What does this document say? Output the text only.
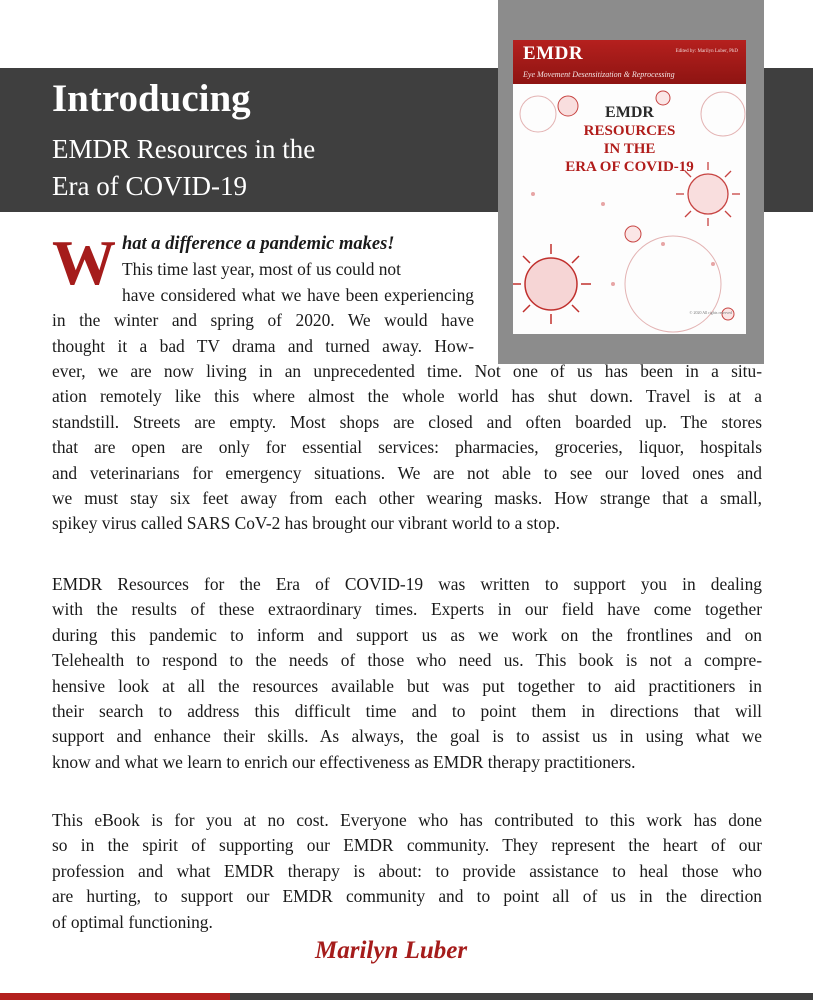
Introducing
EMDR Resources in the
Era of COVID-19
EMDR	Edited by: Marilyn Luber, PhD
Eye Movement Desensitization & Reprocessing
EMDR
RESOURCES
IN THE
ERA OF COVID-19
© 2020 All rights reserved
W hat a difference a pandemic makes!
This time last year, most of us could not
have considered what we have been experiencing
in the winter and spring of 2020. We would have
thought it a bad TV drama and turned away. How-
ever, we are now living in an unprecedented time. Not one of us has been in a situ-
ation remotely like this where almost the whole world has shut down. Travel is at a
standstill. Streets are empty. Most shops are closed and often boarded up. The stores
that are open are only for essential services: pharmacies, groceries, liquor, hospitals
and veterinarians for emergency situations. We are not able to see our loved ones and
we must stay six feet away from each other wearing masks. How strange that a small,
spikey virus called SARS CoV-2 has brought our vibrant world to a stop.
EMDR Resources for the Era of COVID-19 was written to support you in dealing
with the results of these extraordinary times. Experts in our field have come together
during this pandemic to inform and support us as we work on the frontlines and on
Telehealth to respond to the needs of those who need us. This book is not a compre-
hensive look at all the resources available but was put together to aid practitioners in
their search to address this difficult time and to point them in directions that will
support and enhance their skills. As always, the goal is to assist us in using what we
know and what we learn to enrich our effectiveness as EMDR therapy practitioners.
This eBook is for you at no cost. Everyone who has contributed to this work has done
so in the spirit of supporting our EMDR community. They represent the heart of our
profession and what EMDR therapy is about: to provide assistance to heal those who
are hurting, to support our EMDR community and to point all of us in the direction
of optimal functioning.

Marilyn Luber
